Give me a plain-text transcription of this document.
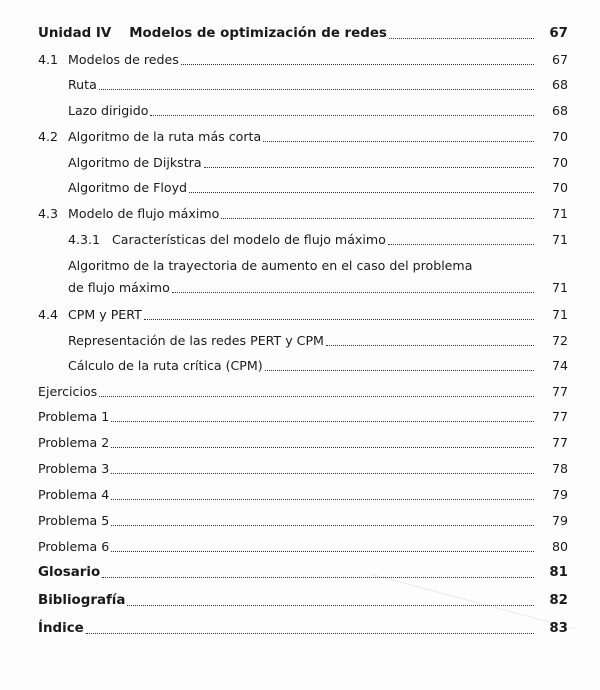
Unidad IV Modelos de optimización de redes	67
4.1 Modelos de redes	67
Ruta	68
Lazo dirigido	68
4.2 Algoritmo de la ruta más corta	70
Algoritmo de Dijkstra	70
Algoritmo de Floyd	70
4.3 Modelo de flujo máximo	71
4.3.1 Características del modelo de flujo máximo	71
Algoritmo de la trayectoria de aumento en el caso del problema
de flujo máximo	71
4.4 CPM y PERT	71
Representación de las redes PERT y CPM	72
Cálculo de la ruta crítica (CPM)	74
Ejercicios	77
Problema 1	77
Problema 2	77
Problema 3	78
Problema 4	79
Problema 5	79
Problema 6	80
Glosario	81
Bibliografía	82
Índice	83
